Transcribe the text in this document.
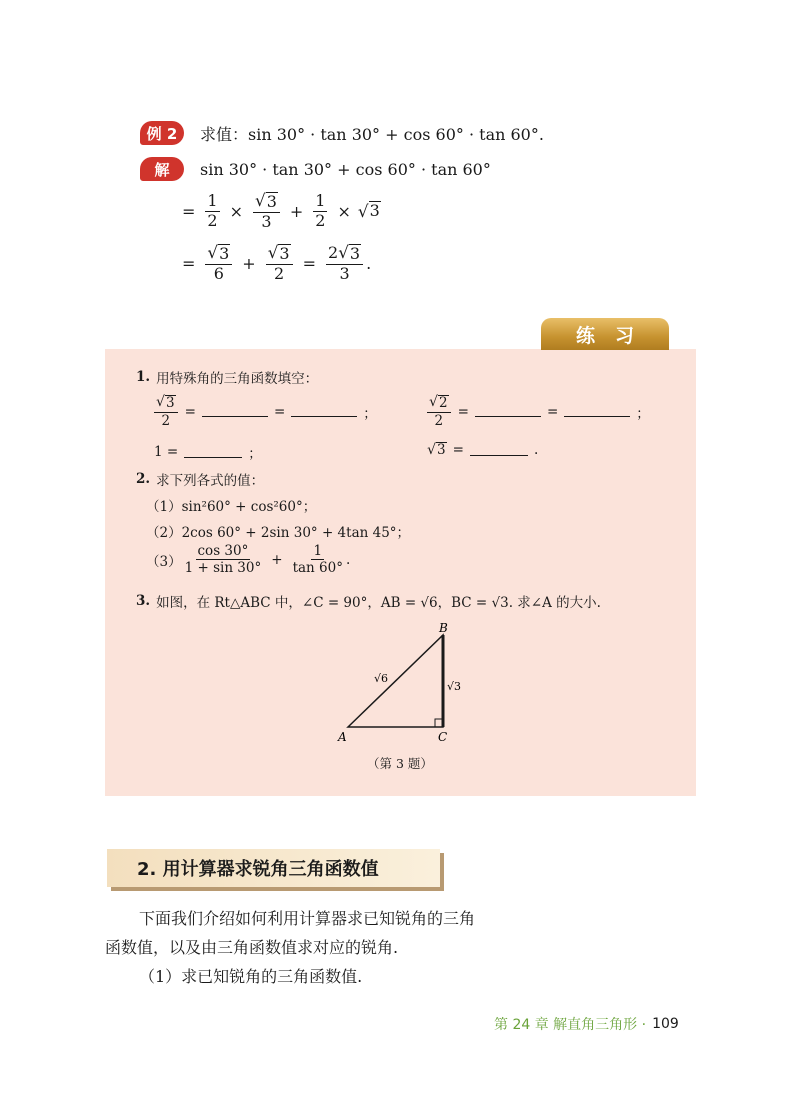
例 2	求值：sin 30° · tan 30° + cos 60° · tan 60°.
解	sin 30° · tan 30° + cos 60° · tan 60°
= $\frac{1}{2} \times \frac{√ 3}{3} + \frac{1}{2}$ × √ 3
= $\frac{√ 3}{6} + \frac{√ 3}{2} = \frac{2 √ 3}{3}$ .
练习
1. 用特殊角的三角函数填空：
$\frac{√ 3}{2}$ =	=	；	$\frac{√ 2}{2}$ =	=	；
1 =	；	√ 3 =	.
2. 求下列各式的值：
（1）sin²60° + cos²60°；
（2）2cos 60° + 2sin 30° + 4tan 45°；
$(3) \frac{\cos 30^\circ}{1 + \sin 30^\circ} + \frac{1}{\tan 60^\circ}$ .
3. 如图，在 Rt△ABC 中，∠C = 90°，AB = √6，BC = √3. 求∠A 的大小.
A
B
C
√6
√3
（第 3 题）
2. 用计算器求锐角三角函数值
下面我们介绍如何利用计算器求已知锐角的三角
函数值，以及由三角函数值求对应的锐角.
（1）求已知锐角的三角函数值.
第 24 章 解直角三角形 · 109
